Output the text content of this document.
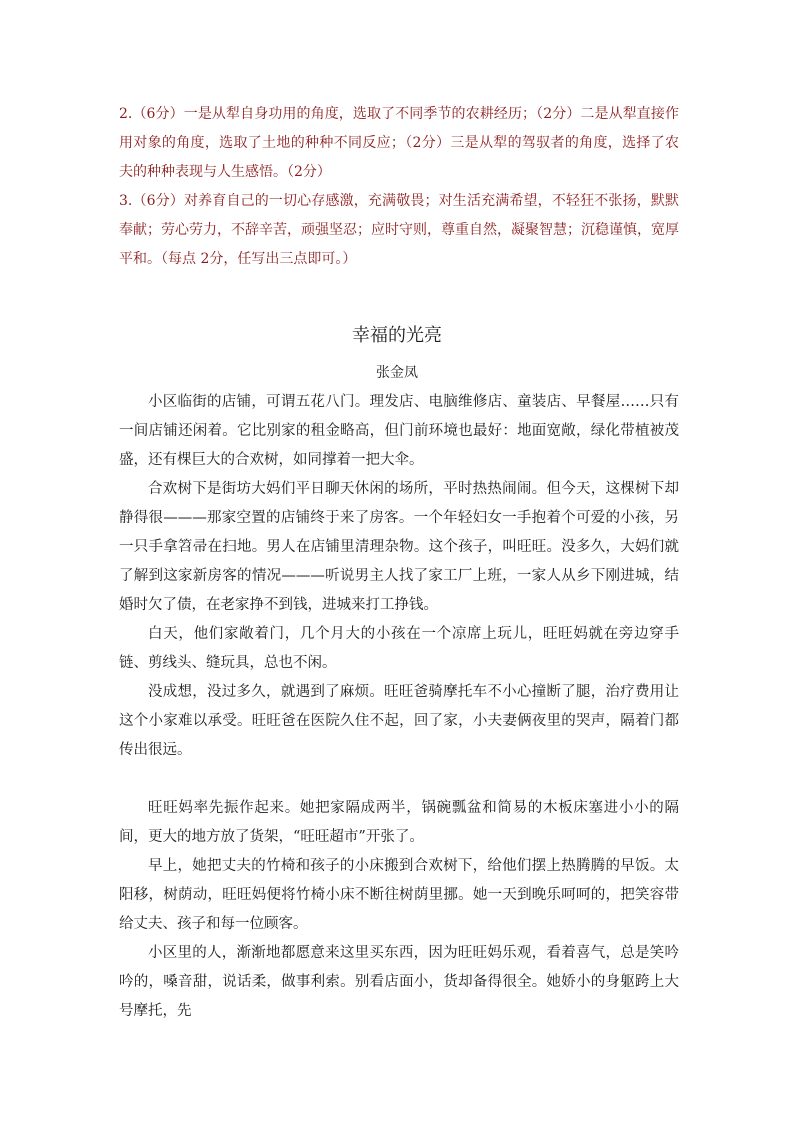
2.（6分）一是从犁自身功用的角度，选取了不同季节的农耕经历；（2分）二是从犁直接作用对象的角度，选取了土地的种种不同反应；（2分）三是从犁的驾驭者的角度，选择了农夫的种种表现与人生感悟。（2分）

3.（6分）对养育自己的一切心存感激，充满敬畏；对生活充满希望，不轻狂不张扬，默默奉献；劳心劳力，不辞辛苦，顽强坚忍；应时守则，尊重自然，凝聚智慧；沉稳谨慎，宽厚平和。（每点 2分，任写出三点即可。）

幸福的光亮
张金凤

小区临街的店铺，可谓五花八门。理发店、电脑维修店、童装店、早餐屋……只有一间店铺还闲着。它比别家的租金略高，但门前环境也最好：地面宽敞，绿化带植被茂盛，还有棵巨大的合欢树，如同撑着一把大伞。

合欢树下是街坊大妈们平日聊天休闲的场所，平时热热闹闹。但今天，这棵树下却静得很———那家空置的店铺终于来了房客。一个年轻妇女一手抱着个可爱的小孩，另一只手拿笤帚在扫地。男人在店铺里清理杂物。这个孩子，叫旺旺。没多久，大妈们就了解到这家新房客的情况———听说男主人找了家工厂上班，一家人从乡下刚进城，结婚时欠了债，在老家挣不到钱，进城来打工挣钱。

白天，他们家敞着门，几个月大的小孩在一个凉席上玩儿，旺旺妈就在旁边穿手链、剪线头、缝玩具，总也不闲。

没成想，没过多久，就遇到了麻烦。旺旺爸骑摩托车不小心撞断了腿，治疗费用让这个小家难以承受。旺旺爸在医院久住不起，回了家，小夫妻俩夜里的哭声，隔着门都传出很远。

旺旺妈率先振作起来。她把家隔成两半，锅碗瓢盆和简易的木板床塞进小小的隔间，更大的地方放了货架，“旺旺超市”开张了。

早上，她把丈夫的竹椅和孩子的小床搬到合欢树下，给他们摆上热腾腾的早饭。太阳移，树荫动，旺旺妈便将竹椅小床不断往树荫里挪。她一天到晚乐呵呵的，把笑容带给丈夫、孩子和每一位顾客。

小区里的人，渐渐地都愿意来这里买东西，因为旺旺妈乐观，看着喜气，总是笑吟吟的，嗓音甜，说话柔，做事利索。别看店面小，货却备得很全。她娇小的身躯跨上大号摩托，先
